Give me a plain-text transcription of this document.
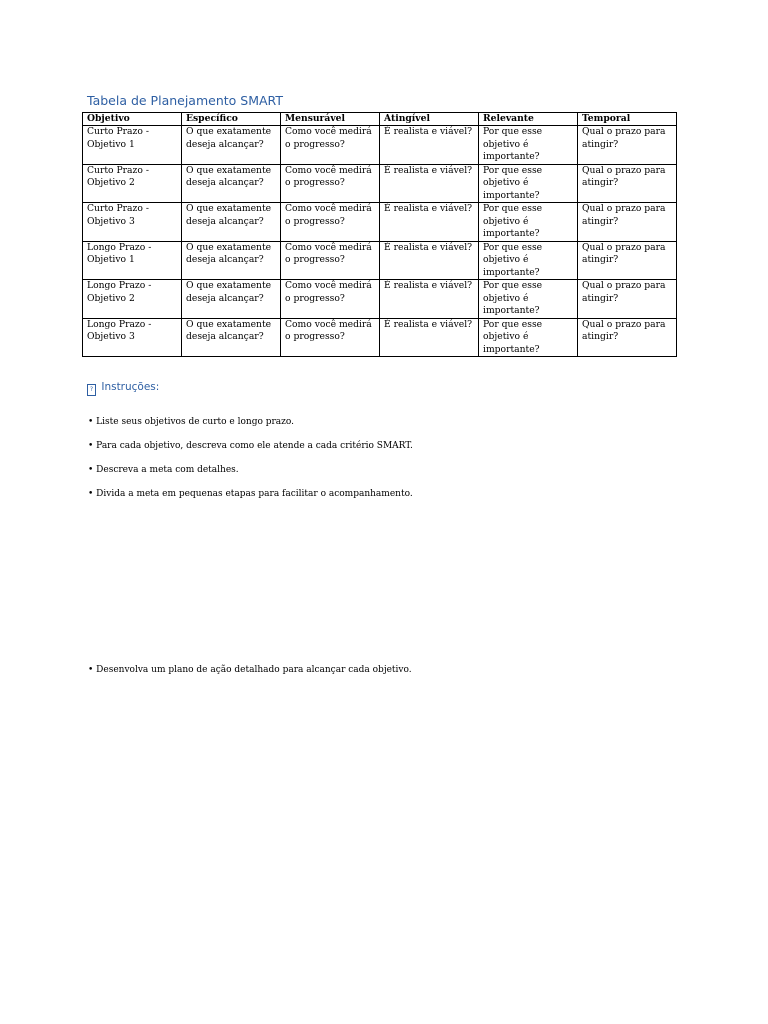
Tabela de Planejamento SMART
Objetivo	Específico	Mensurável	Atingível	Relevante	Temporal
Curto Prazo - Objetivo 1	O que exatamente deseja alcançar?	Como você medirá o progresso?	É realista e viável?	Por que esse objetivo é importante?	Qual o prazo para atingir?
Curto Prazo - Objetivo 2	O que exatamente deseja alcançar?	Como você medirá o progresso?	É realista e viável?	Por que esse objetivo é importante?	Qual o prazo para atingir?
Curto Prazo - Objetivo 3	O que exatamente deseja alcançar?	Como você medirá o progresso?	É realista e viável?	Por que esse objetivo é importante?	Qual o prazo para atingir?
Longo Prazo - Objetivo 1	O que exatamente deseja alcançar?	Como você medirá o progresso?	É realista e viável?	Por que esse objetivo é importante?	Qual o prazo para atingir?
Longo Prazo - Objetivo 2	O que exatamente deseja alcançar?	Como você medirá o progresso?	É realista e viável?	Por que esse objetivo é importante?	Qual o prazo para atingir?
Longo Prazo - Objetivo 3	O que exatamente deseja alcançar?	Como você medirá o progresso?	É realista e viável?	Por que esse objetivo é importante?	Qual o prazo para atingir?
? Instruções:
• Liste seus objetivos de curto e longo prazo.
• Para cada objetivo, descreva como ele atende a cada critério SMART.
• Descreva a meta com detalhes.
• Divida a meta em pequenas etapas para facilitar o acompanhamento.
• Desenvolva um plano de ação detalhado para alcançar cada objetivo.
